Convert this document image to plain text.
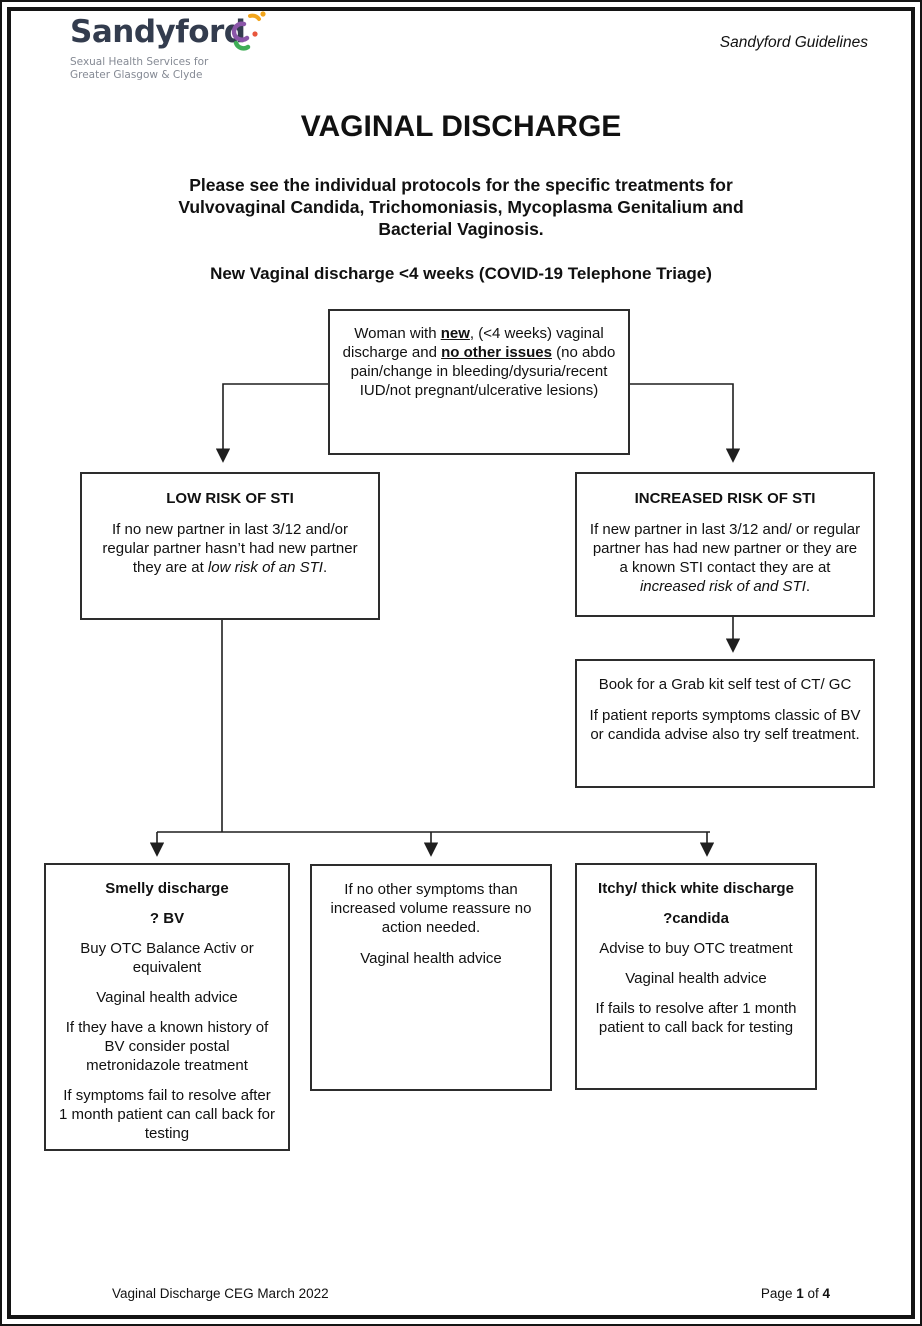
Sandyford
Sexual Health Services for
Greater Glasgow & Clyde
Sandyford Guidelines
VAGINAL DISCHARGE
Please see the individual protocols for the specific treatments for
Vulvovaginal Candida, Trichomoniasis, Mycoplasma Genitalium and
Bacterial Vaginosis.
New Vaginal discharge <4 weeks (COVID-19 Telephone Triage)

Woman with new, (<4 weeks) vaginal discharge and no other issues (no abdo pain/change in bleeding/dysuria/recent IUD/not pregnant/ulcerative lesions)

LOW RISK OF STI

If no new partner in last 3/12 and/or regular partner hasn’t had new partner they are at low risk of an STI.

INCREASED RISK OF STI

If new partner in last 3/12 and/ or regular partner has had new partner or they are a known STI contact they are at increased risk of and STI.

Book for a Grab kit self test of CT/ GC

If patient reports symptoms classic of BV or candida advise also try self treatment.

Smelly discharge

? BV

Buy OTC Balance Activ or equivalent

Vaginal health advice

If they have a known history of BV consider postal metronidazole treatment

If symptoms fail to resolve after 1 month patient can call back for testing

If no other symptoms than increased volume reassure no action needed.

Vaginal health advice

Itchy/ thick white discharge

?candida

Advise to buy OTC treatment

Vaginal health advice

If fails to resolve after 1 month patient to call back for testing

Vaginal Discharge CEG March 2022	Page 1 of 4
